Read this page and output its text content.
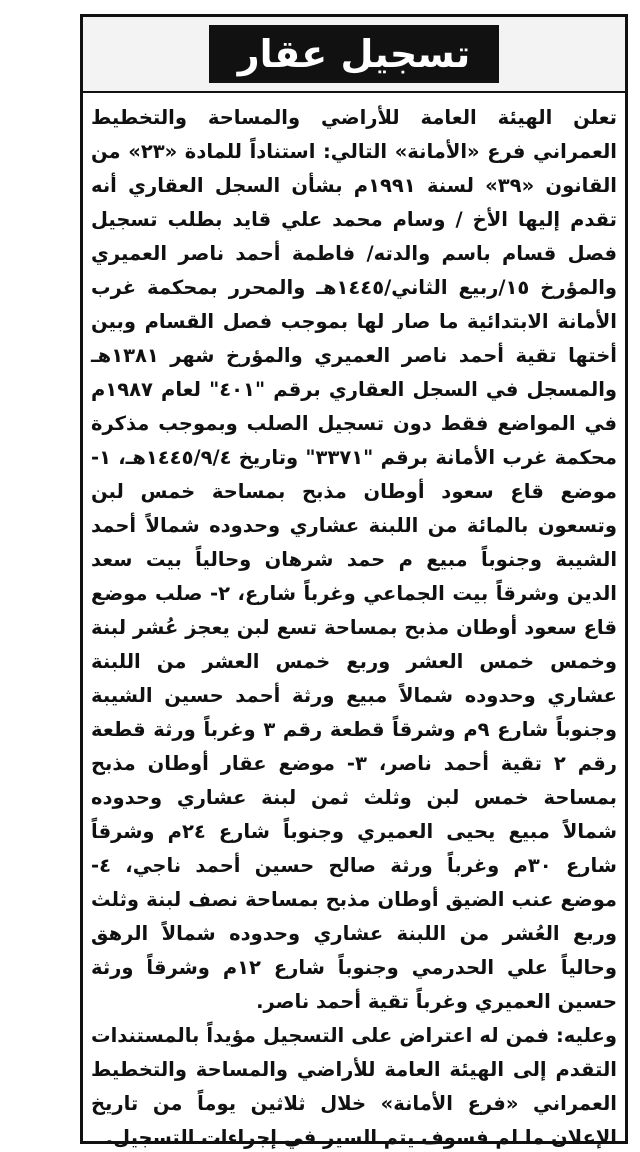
تسجيل عقار

تعلن الهيئة العامة للأراضي والمساحة والتخطيط العمراني فرع «الأمانة» التالي: استناداً للمادة «٢٣» من القانون «٣٩» لسنة ١٩٩١م بشأن السجل العقاري أنه تقدم إليها الأخ / وسام محمد علي قايد بطلب تسجيل فصل قسام باسم والدته/ فاطمة أحمد ناصر العميري والمؤرخ ١٥/ربيع الثاني/١٤٤٥هـ والمحرر بمحكمة غرب الأمانة الابتدائية ما صار لها بموجب فصل القسام وبين أختها تقية أحمد ناصر العميري والمؤرخ شهر ١٣٨١هـ والمسجل في السجل العقاري برقم "٤٠١" لعام ١٩٨٧م في المواضع فقط دون تسجيل الصلب وبموجب مذكرة محكمة غرب الأمانة برقم "٣٣٧١" وتاريخ ١٤٤٥/٩/٤هـ، ١- موضع قاع سعود أوطان مذبح بمساحة خمس لبن وتسعون بالمائة من اللبنة عشاري وحدوده شمالاً أحمد الشيبة وجنوباً مبيع م حمد شرهان وحالياً بيت سعد الدين وشرقاً بيت الجماعي وغرباً شارع، ٢- صلب موضع قاع سعود أوطان مذبح بمساحة تسع لبن يعجز عُشر لبنة وخمس خمس العشر وربع خمس العشر من اللبنة عشاري وحدوده شمالاً مبيع ورثة أحمد حسين الشيبة وجنوباً شارع ٩م وشرقاً قطعة رقم ٣ وغرباً ورثة قطعة رقم ٢ تقية أحمد ناصر، ٣- موضع عقار أوطان مذبح بمساحة خمس لبن وثلث ثمن لبنة عشاري وحدوده شمالاً مبيع يحيى العميري وجنوباً شارع ٢٤م وشرقاً شارع ٣٠م وغرباً ورثة صالح حسين أحمد ناجي، ٤- موضع عنب الضيق أوطان مذبح بمساحة نصف لبنة وثلث وربع العُشر من اللبنة عشاري وحدوده شمالاً الرهق وحالياً علي الحدرمي وجنوباً شارع ١٢م وشرقاً ورثة حسين العميري وغرباً تقية أحمد ناصر.

وعليه: فمن له اعتراض على التسجيل مؤيداً بالمستندات التقدم إلى الهيئة العامة للأراضي والمساحة والتخطيط العمراني «فرع الأمانة» خلال ثلاثين يوماً من تاريخ الإعلان ما لم فسوف يتم السير في إجراءات التسجيل.
